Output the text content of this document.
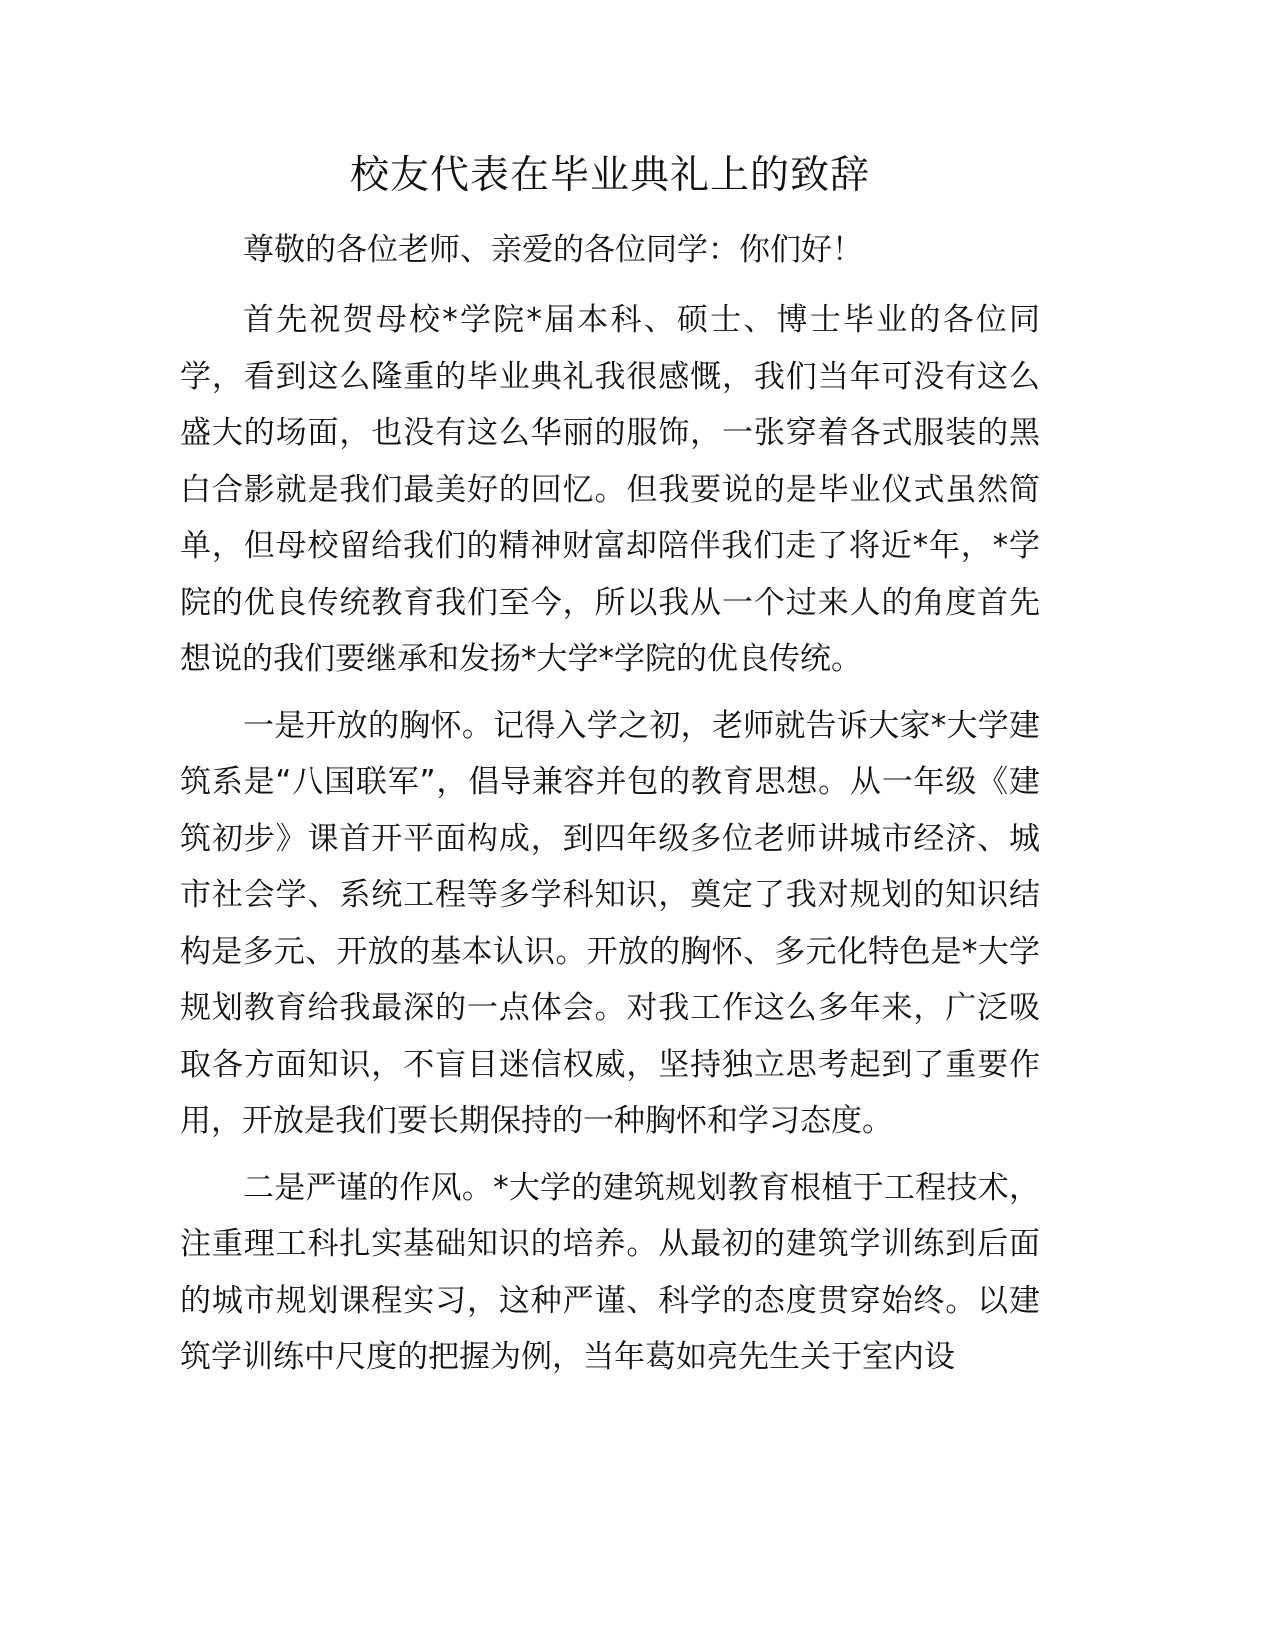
校友代表在毕业典礼上的致辞

尊敬的各位老师、亲爱的各位同学：你们好！

首先祝贺母校*学院*届本科、硕士、博士毕业的各位同学，看到这么隆重的毕业典礼我很感慨，我们当年可没有这么盛大的场面，也没有这么华丽的服饰，一张穿着各式服装的黑白合影就是我们最美好的回忆。但我要说的是毕业仪式虽然简单，但母校留给我们的精神财富却陪伴我们走了将近*年，*学院的优良传统教育我们至今，所以我从一个过来人的角度首先想说的我们要继承和发扬*大学*学院的优良传统。

一是开放的胸怀。记得入学之初，老师就告诉大家*大学建筑系是“八国联军”，倡导兼容并包的教育思想。从一年级《建筑初步》课首开平面构成，到四年级多位老师讲城市经济、城市社会学、系统工程等多学科知识，奠定了我对规划的知识结构是多元、开放的基本认识。开放的胸怀、多元化特色是*大学规划教育给我最深的一点体会。对我工作这么多年来，广泛吸取各方面知识，不盲目迷信权威，坚持独立思考起到了重要作用，开放是我们要长期保持的一种胸怀和学习态度。

二是严谨的作风。*大学的建筑规划教育根植于工程技术，注重理工科扎实基础知识的培养。从最初的建筑学训练到后面的城市规划课程实习，这种严谨、科学的态度贯穿始终。以建筑学训练中尺度的把握为例，当年葛如亮先生关于室内设
